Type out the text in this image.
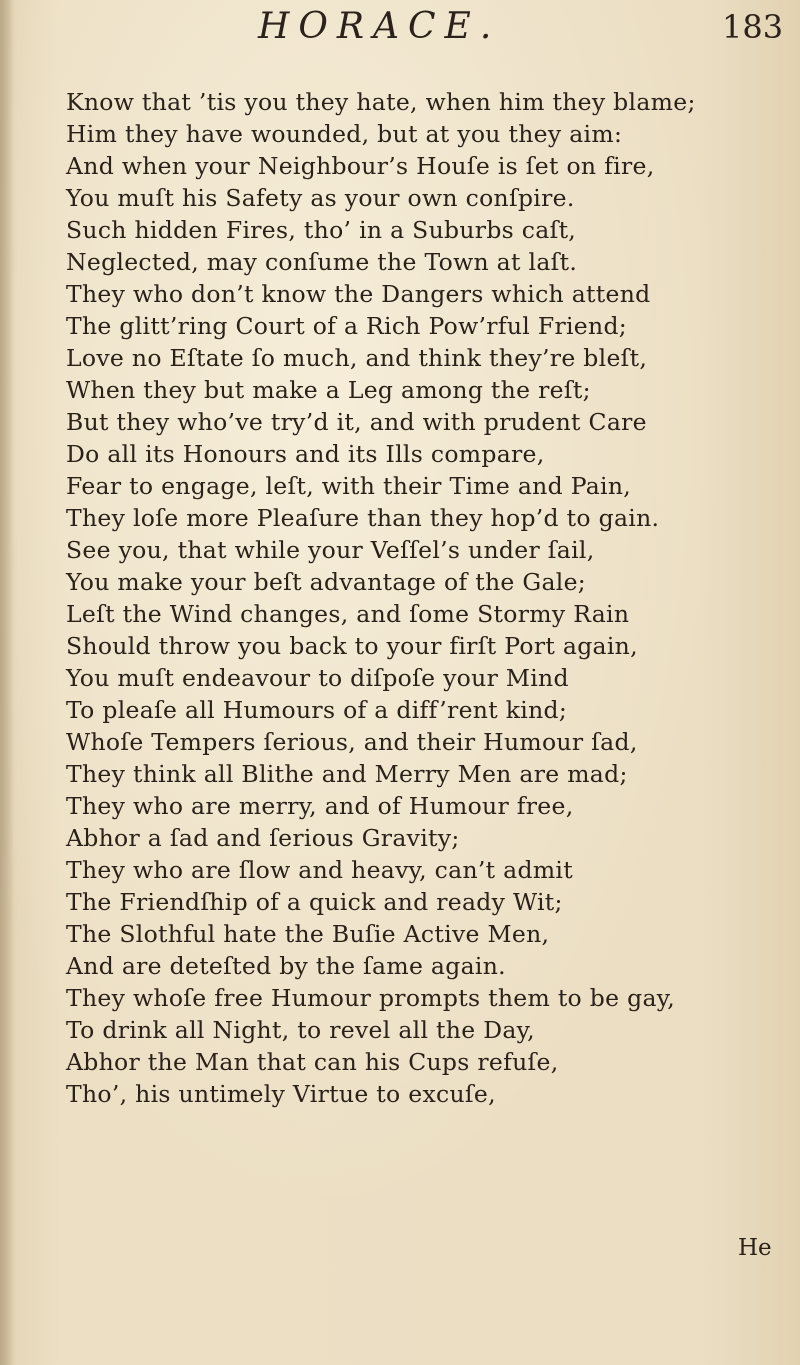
HORACE.	183
Know that ’tis you they hate, when him they blame;
Him they have wounded, but at you they aim:
And when your Neighbour’s Houſe is ſet on fire,
You muſt his Safety as your own conſpire.
Such hidden Fires, tho’ in a Suburbs caſt,
Neglected, may conſume the Town at laſt.
They who don’t know the Dangers which attend
The glitt’ring Court of a Rich Pow’rful Friend;
Love no Eſtate ſo much, and think they’re bleſt,
When they but make a Leg among the reſt;
But they who’ve try’d it, and with prudent Care
Do all its Honours and its Ills compare,
Fear to engage, leſt, with their Time and Pain,
They loſe more Pleaſure than they hop’d to gain.
See you, that while your Veſſel’s under ſail,
You make your beſt advantage of the Gale;
Leſt the Wind changes, and ſome Stormy Rain
Should throw you back to your firſt Port again,
You muſt endeavour to diſpoſe your Mind
To pleaſe all Humours of a diff’rent kind;
Whoſe Tempers ſerious, and their Humour ſad,
They think all Blithe and Merry Men are mad;
They who are merry, and of Humour free,
Abhor a ſad and ſerious Gravity;
They who are ſlow and heavy, can’t admit
The Friendſhip of a quick and ready Wit;
The Slothful hate the Buſie Active Men,
And are deteſted by the ſame again.
They whoſe free Humour prompts them to be gay,
To drink all Night, to revel all the Day,
Abhor the Man that can his Cups refuſe,
Tho’, his untimely Virtue to excuſe,
He
